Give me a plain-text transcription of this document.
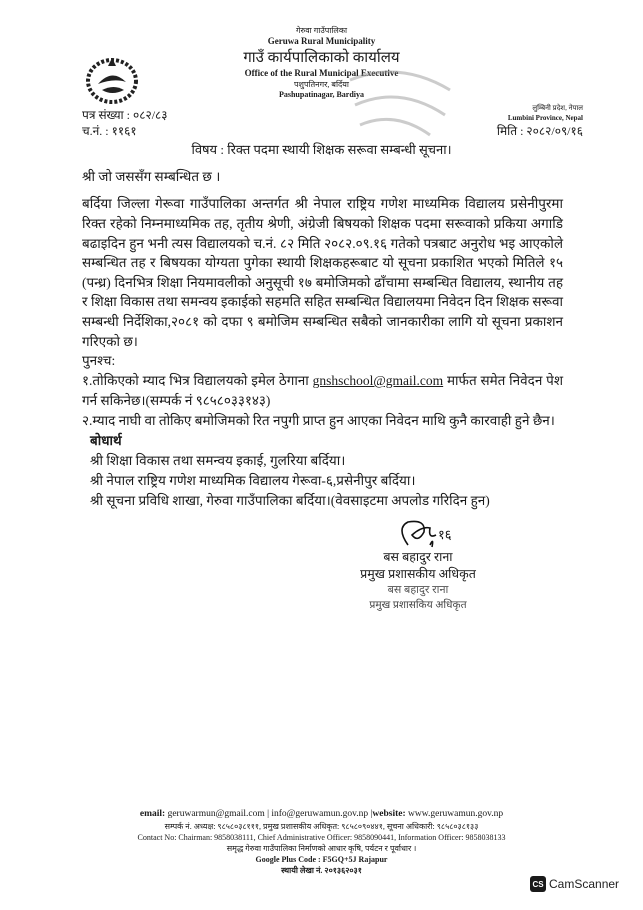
गेरुवा गाउँपालिका
Geruwa Rural Municipality
गाउँ कार्यपालिकाको कार्यालय
Office of the Rural Municipal Executive
पशुपतिनगर, बर्दिया
Pashupatinagar, Bardiya
पत्र संख्या : ०८२/८३
च.नं. : ११६१
लुम्बिनी प्रदेश, नेपाल
Lumbini Province, Nepal
मिति : २०८२/०९/१६
विषय : रिक्त पदमा स्थायी शिक्षक सरूवा सम्बन्धी सूचना।
श्री जो जससँग सम्बन्धित छ ।
बर्दिया जिल्ला गेरूवा गाउँपालिका अन्तर्गत श्री नेपाल राष्ट्रिय गणेश माध्यमिक विद्यालय प्रसेनीपुरमा रिक्त रहेको निम्नमाध्यमिक तह, तृतीय श्रेणी, अंग्रेजी बिषयको शिक्षक पदमा सरूवाको प्रकिया अगाडि बढाइदिन हुन भनी त्यस विद्यालयको च.नं. ८२ मिति २०८२.०९.१६ गतेको पत्रबाट अनुरोध भइ आएकोले सम्बन्धित तह र बिषयका योग्यता पुगेका स्थायी शिक्षकहरूबाट यो सूचना प्रकाशित भएको मितिले १५ (पन्ध्र) दिनभित्र शिक्षा नियमावलीको अनुसूची १७ बमोजिमको ढाँचामा सम्बन्धित विद्यालय, स्थानीय तह र शिक्षा विकास तथा समन्वय इकाईको सहमति सहित सम्बन्धित विद्यालयमा निवेदन दिन शिक्षक सरूवा सम्बन्धी निर्देशिका,२०८१ को दफा ९ बमोजिम सम्बन्धित सबैको जानकारीका लागि यो सूचना प्रकाशन गरिएको छ।
पुनश्च:
१.तोकिएको म्याद भित्र विद्यालयको इमेल ठेगाना gnshschool@gmail.com मार्फत समेत निवेदन पेश गर्न सकिनेछ।(सम्पर्क नं ९८५८०३३१४३)
२.म्याद नाघी वा तोकिए बमोजिमको रित नपुगी प्राप्त हुन आएका निवेदन माथि कुनै कारवाही हुने छैन।
बोधार्थ
श्री शिक्षा विकास तथा समन्वय इकाई, गुलरिया बर्दिया।
श्री नेपाल राष्ट्रिय गणेश माध्यमिक विद्यालय गेरूवा-६,प्रसेनीपुर बर्दिया।
श्री सूचना प्रविधि शाखा, गेरुवा गाउँपालिका बर्दिया।(वेवसाइटमा अपलोड गरिदिन हुन)
१६
बस बहादुर राना
प्रमुख प्रशासकीय अधिकृत
बस बहादुर राना
प्रमुख प्रशासकिय अधिकृत
email: geruwarmun@gmail.com | info@geruwamun.gov.np |website: www.geruwamun.gov.np
सम्पर्क नं. अध्यक्ष: ९८५८०३८१११, प्रमुख प्रशासकीय अधिकृत: ९८५८०९०४४१, सूचना अधिकारी: ९८५८०३८१३३
Contact No: Chairman: 9858038111, Chief Administrative Officer: 9858090441, Information Officer: 9858038133
समृद्ध गेरुवा गाउँपालिका निर्माणको आधार कृषि, पर्यटन र पूर्वाधार ।
Google Plus Code : F5GQ+5J Rajapur
स्थायी लेखा नं. २०१३६२०३१
CS CamScanner
